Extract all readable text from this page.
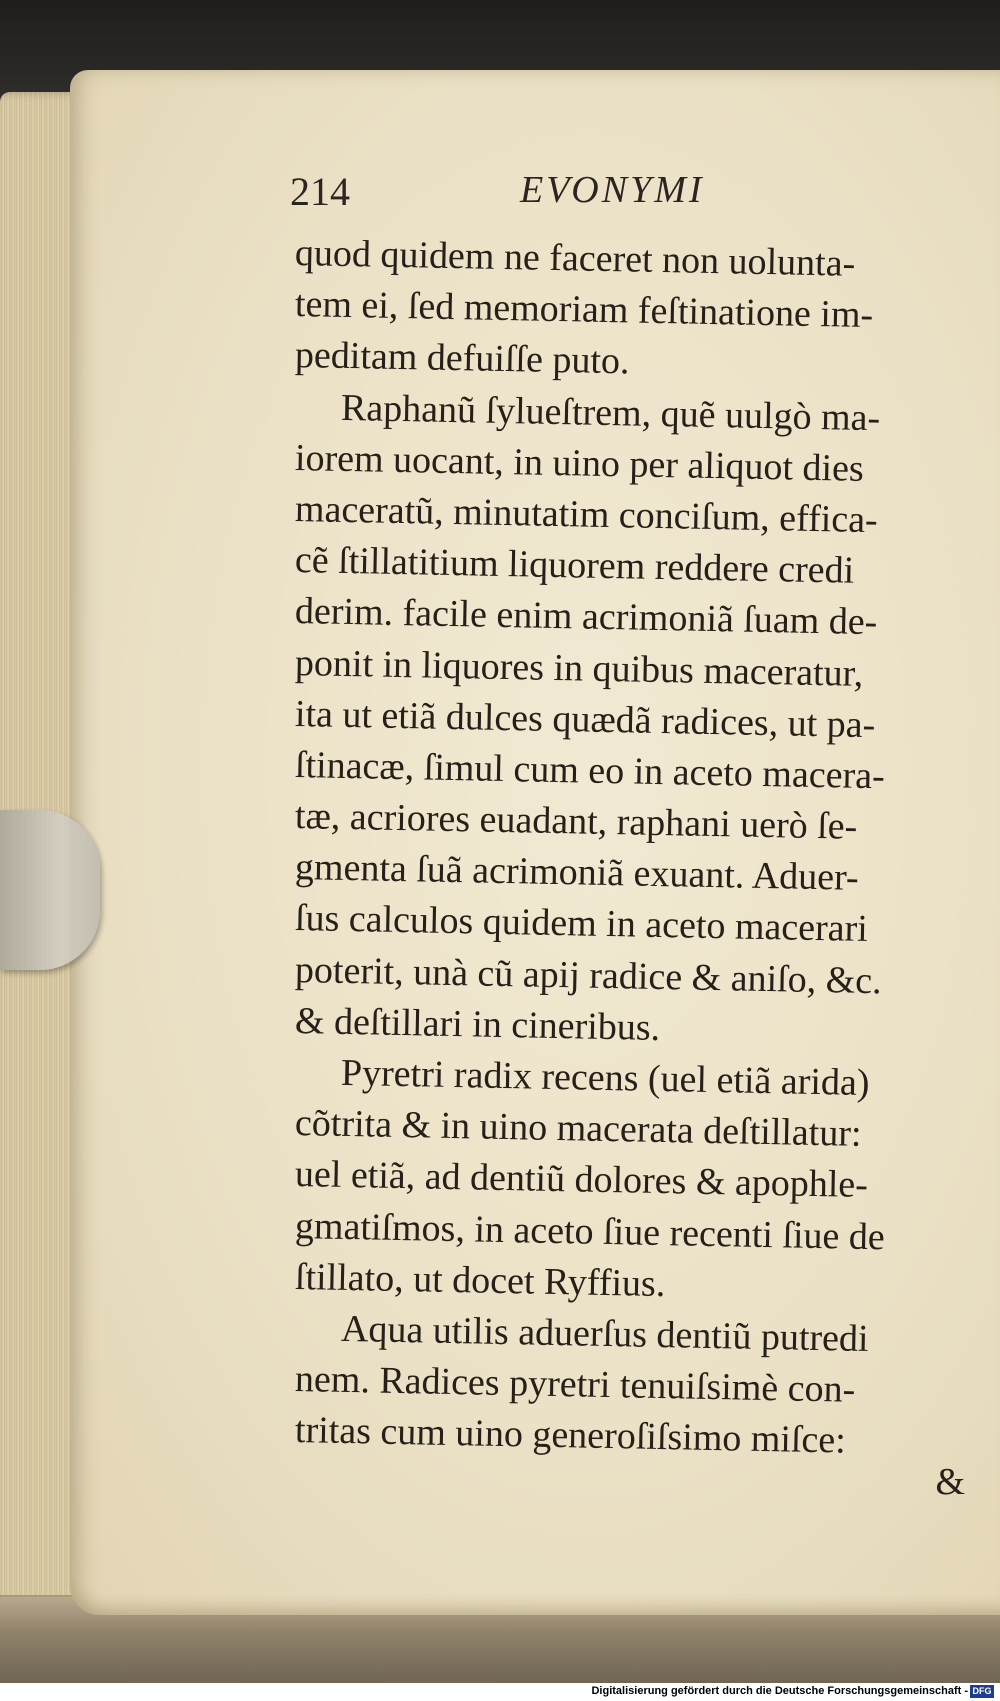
214	EVONYMI
quod quidem ne faceret non uolunta-
tem ei, ſed memoriam feſtinatione im-
peditam defuiſſe puto.
Raphanũ ſylueſtrem, quẽ uulgò ma-
iorem uocant, in uino per aliquot dies
maceratũ, minutatim conciſum, effica-
cẽ ſtillatitium liquorem reddere credi
derim. facile enim acrimoniã ſuam de-
ponit in liquores in quibus maceratur,
ita ut etiã dulces quædã radices, ut pa-
ſtinacæ, ſimul cum eo in aceto macera-
tæ, acriores euadant, raphani uerò ſe-
gmenta ſuã acrimoniã exuant. Aduer-
ſus calculos quidem in aceto macerari
poterit, unà cũ apij radice & aniſo, &c.
& deſtillari in cineribus.
Pyretri radix recens (uel etiã arida)
cõtrita & in uino macerata deſtillatur:
uel etiã, ad dentiũ dolores & apophle-
gmatiſmos, in aceto ſiue recenti ſiue de
ſtillato, ut docet Ryffius.
Aqua utilis aduerſus dentiũ putredi
nem. Radices pyretri tenuiſsimè con-
tritas cum uino generoſiſsimo miſce:
&
Digitalisierung gefördert durch die Deutsche Forschungsgemeinschaft - DFG
